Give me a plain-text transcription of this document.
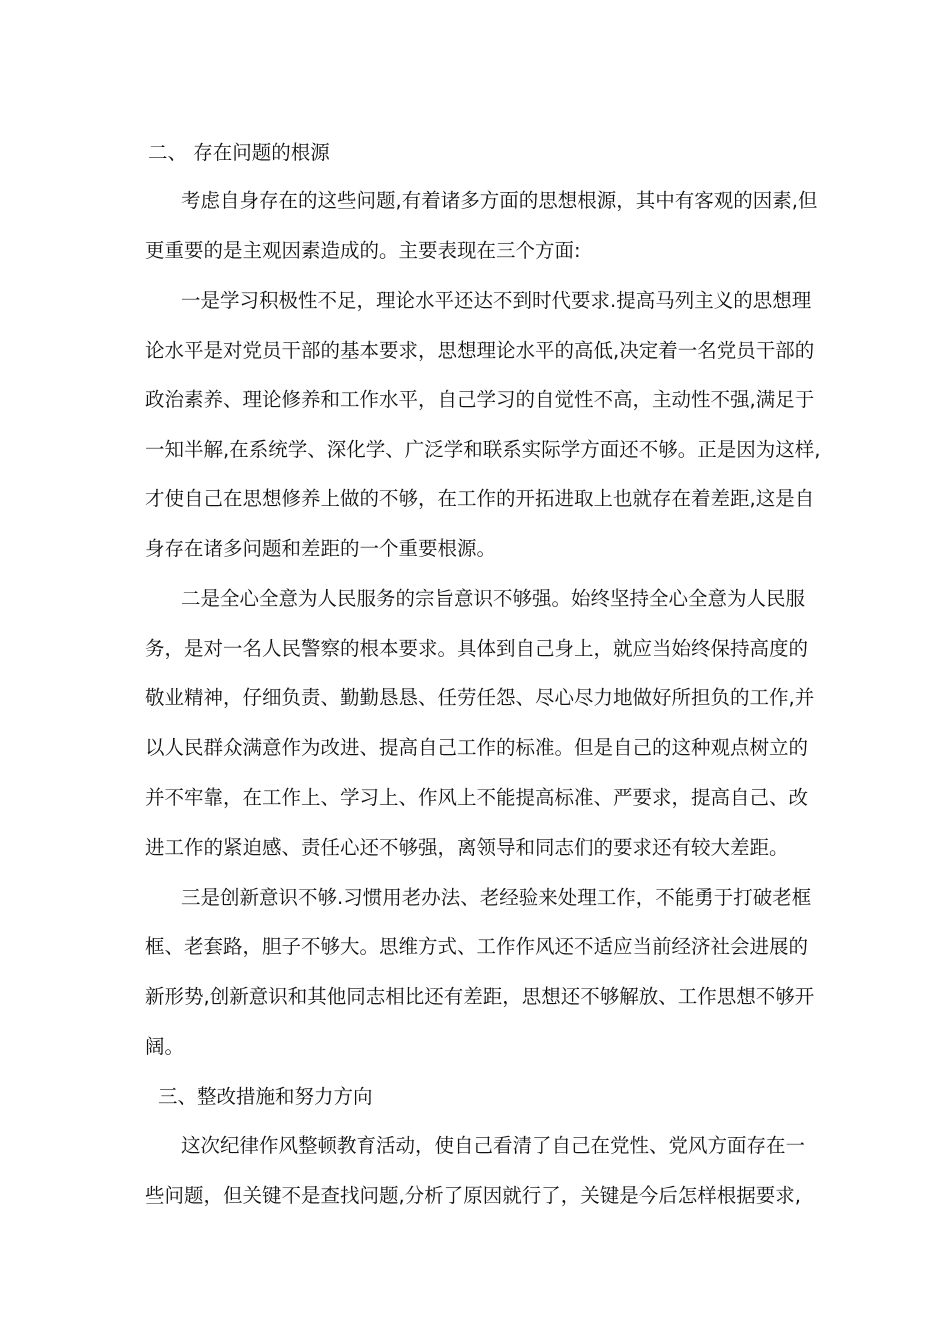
二、 存在问题的根源
考虑自身存在的这些问题,有着诸多方面的思想根源，其中有客观的因素,但
更重要的是主观因素造成的。主要表现在三个方面:
一是学习积极性不足，理论水平还达不到时代要求.提高马列主义的思想理
论水平是对党员干部的基本要求，思想理论水平的高低,决定着一名党员干部的
政治素养、理论修养和工作水平，自己学习的自觉性不高，主动性不强,满足于
一知半解,在系统学、深化学、广泛学和联系实际学方面还不够。正是因为这样,
才使自己在思想修养上做的不够，在工作的开拓进取上也就存在着差距,这是自
身存在诸多问题和差距的一个重要根源。
二是全心全意为人民服务的宗旨意识不够强。始终坚持全心全意为人民服
务，是对一名人民警察的根本要求。具体到自己身上，就应当始终保持高度的
敬业精神，仔细负责、勤勤恳恳、任劳任怨、尽心尽力地做好所担负的工作,并
以人民群众满意作为改进、提高自己工作的标准。但是自己的这种观点树立的
并不牢靠，在工作上、学习上、作风上不能提高标准、严要求，提高自己、改
进工作的紧迫感、责任心还不够强，离领导和同志们的要求还有较大差距。
三是创新意识不够.习惯用老办法、老经验来处理工作，不能勇于打破老框
框、老套路，胆子不够大。思维方式、工作作风还不适应当前经济社会进展的
新形势,创新意识和其他同志相比还有差距，思想还不够解放、工作思想不够开
阔。
三、整改措施和努力方向
这次纪律作风整顿教育活动，使自己看清了自己在党性、党风方面存在一
些问题，但关键不是查找问题,分析了原因就行了，关键是今后怎样根据要求,
